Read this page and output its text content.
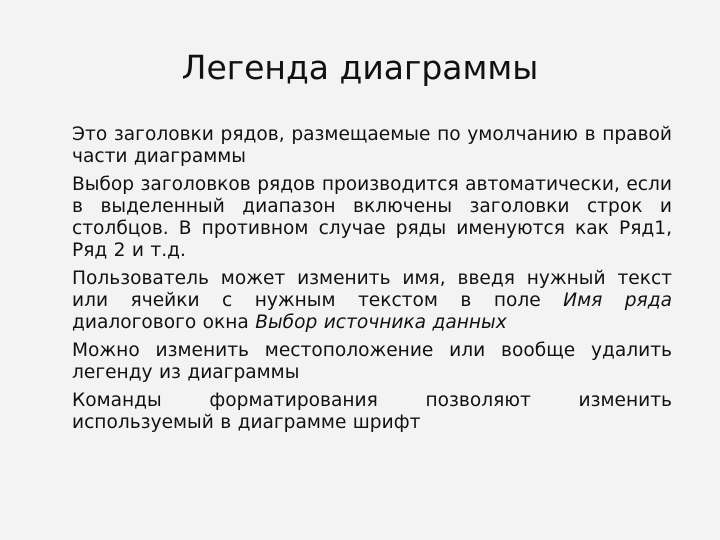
Легенда диаграммы

Это заголовки рядов, размещаемые по умолчанию в правой части диаграммы

Выбор заголовков рядов производится автоматически, если в выделенный диапазон включены заголовки строк и столбцов. В противном случае ряды именуются как Ряд1, Ряд 2 и т.д.

Пользователь может изменить имя, введя нужный текст или ячейки с нужным текстом в поле Имя ряда диалогового окна Выбор источника данных

Можно изменить местоположение или вообще удалить легенду из диаграммы

Команды форматирования позволяют изменить используемый в диаграмме шрифт
